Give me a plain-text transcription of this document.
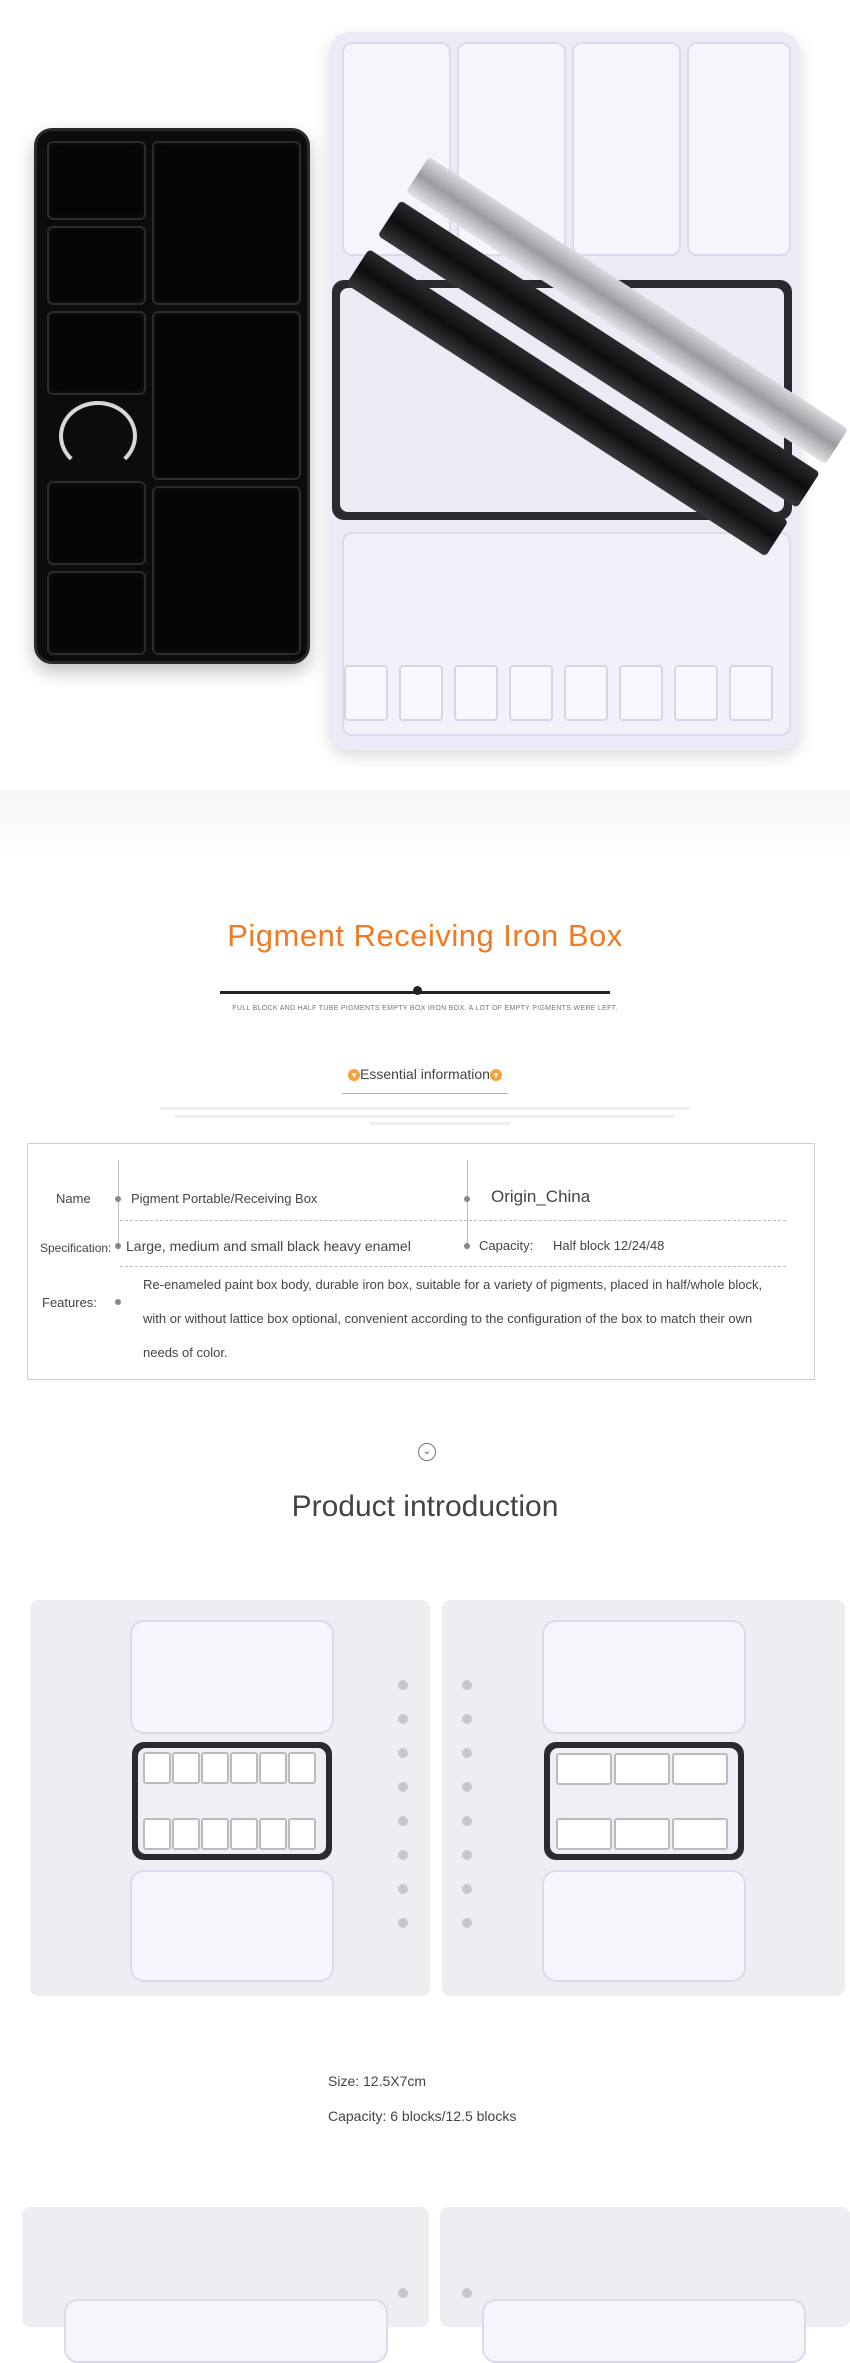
Pigment Receiving Iron Box
FULL BLOCK AND HALF TUBE PIGMENTS EMPTY BOX IRON BOX. A LOT OF EMPTY PIGMENTS WERE LEFT.
▾ Essential information ▾
Name	Pigment Portable/Receiving Box	Origin_China
Specification: Large, medium and small black heavy enamel	Capacity: Half block 12/24/48
Features:
Re-enameled paint box body, durable iron box, suitable for a variety of pigments, placed in half/whole block, with or without lattice box optional, convenient according to the configuration of the box to match their own needs of color.
⌄
Product introduction
Size: 12.5X7cm
Capacity: 6 blocks/12.5 blocks
